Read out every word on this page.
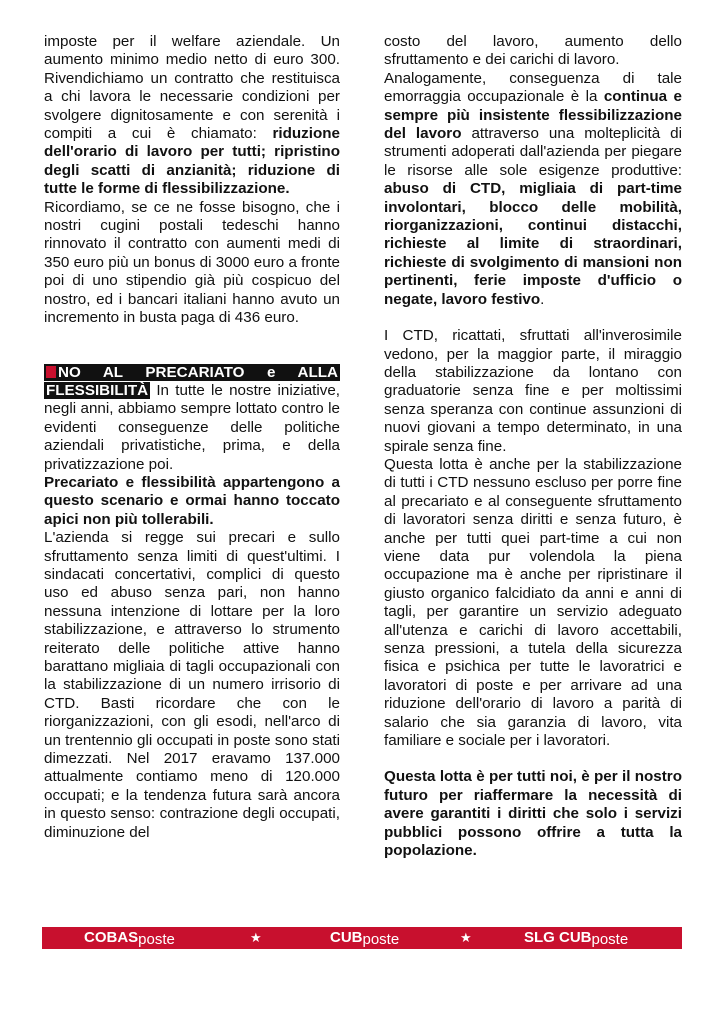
imposte per il welfare aziendale. Un aumento minimo medio netto di euro 300. Rivendichiamo un contratto che restituisca a chi lavora le necessarie condizioni per svolgere dignitosamente e con serenità i compiti a cui è chiamato: riduzione dell'orario di lavoro per tutti; ripristino degli scatti di anzianità; riduzione di tutte le forme di flessibilizzazione.

Ricordiamo, se ce ne fosse bisogno, che i nostri cugini postali tedeschi hanno rinnovato il contratto con aumenti medi di 350 euro più un bonus di 3000 euro a fronte poi di uno stipendio già più cospicuo del nostro, ed i bancari italiani hanno avuto un incremento in busta paga di 436 euro.

NO AL PRECARIATO e ALLA FLESSIBILITÀ In tutte le nostre iniziative, negli anni, abbiamo sempre lottato contro le evidenti conseguenze delle politiche aziendali privatistiche, prima, e della privatizzazione poi.

Precariato e flessibilità appartengono a questo scenario e ormai hanno toccato apici non più tollerabili.

L'azienda si regge sui precari e sullo sfruttamento senza limiti di quest'ultimi. I sindacati concertativi, complici di questo uso ed abuso senza pari, non hanno nessuna intenzione di lottare per la loro stabilizzazione, e attraverso lo strumento reiterato delle politiche attive hanno barattano migliaia di tagli occupazionali con la stabilizzazione di un numero irrisorio di CTD. Basti ricordare che con le riorganizzazioni, con gli esodi, nell'arco di un trentennio gli occupati in poste sono stati dimezzati. Nel 2017 eravamo 137.000 attualmente contiamo meno di 120.000 occupati; e la tendenza futura sarà ancora in questo senso: contrazione degli occupati, diminuzione del

costo del lavoro, aumento dello sfruttamento e dei carichi di lavoro.

Analogamente, conseguenza di tale emorraggia occupazionale è la continua e sempre più insistente flessibilizzazione del lavoro attraverso una molteplicità di strumenti adoperati dall'azienda per piegare le risorse alle sole esigenze produttive: abuso di CTD, migliaia di part-time involontari, blocco delle mobilità, riorganizzazioni, continui distacchi, richieste al limite di straordinari, richieste di svolgimento di mansioni non pertinenti, ferie imposte d'ufficio o negate, lavoro festivo.

I CTD, ricattati, sfruttati all'inverosimile vedono, per la maggior parte, il miraggio della stabilizzazione da lontano con graduatorie senza fine e per moltissimi senza speranza con continue assunzioni di nuovi giovani a tempo determinato, in una spirale senza fine.

Questa lotta è anche per la stabilizzazione di tutti i CTD nessuno escluso per porre fine al precariato e al conseguente sfruttamento di lavoratori senza diritti e senza futuro, è anche per tutti quei part-time a cui non viene data pur volendola la piena occupazione ma è anche per ripristinare il giusto organico falcidiato da anni e anni di tagli, per garantire un servizio adeguato all'utenza e carichi di lavoro accettabili, senza pressioni, a tutela della sicurezza fisica e psichica per tutte le lavoratrici e lavoratori di poste e per arrivare ad una riduzione dell'orario di lavoro a parità di salario che sia garanzia di lavoro, vita familiare e sociale per i lavoratori.

Questa lotta è per tutti noi, è per il nostro futuro per riaffermare la necessità di avere garantiti i diritti che solo i servizi pubblici possono offrire a tutta la popolazione.

COBAS poste	★	CUB poste	★	SLG CUB poste
